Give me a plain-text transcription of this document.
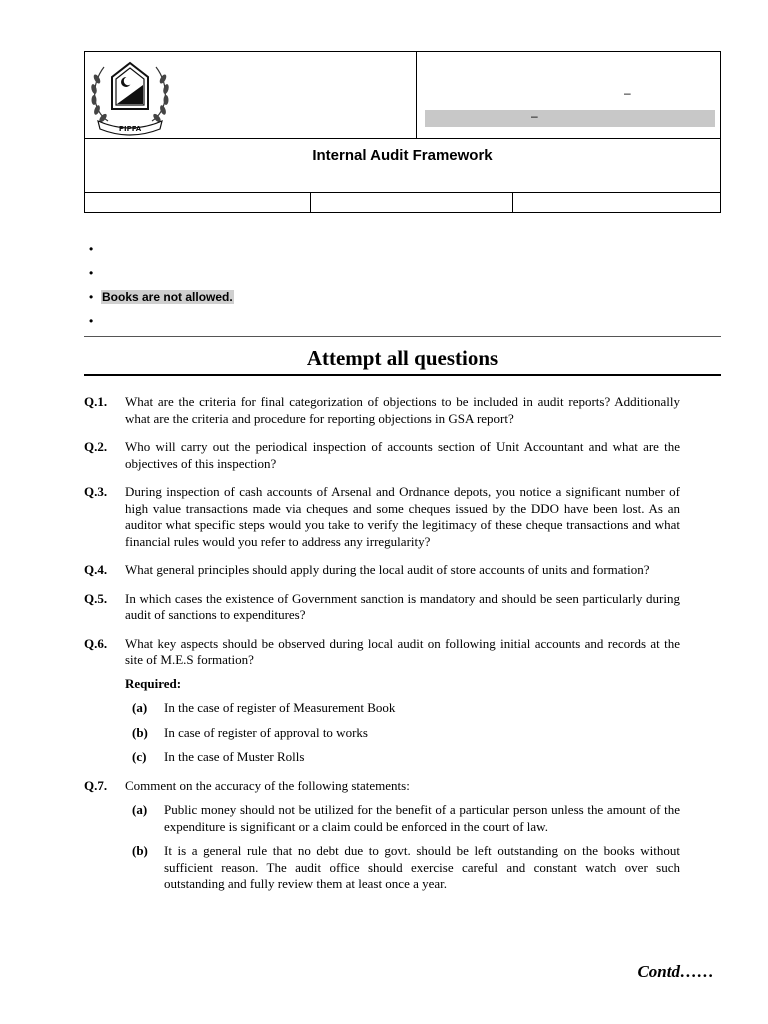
PIPFA
–
–
Internal Audit Framework
•
•
• Books are not allowed.
•
Attempt all questions
Q.1. What are the criteria for final categorization of objections to be included in audit reports? Additionally what are the criteria and procedure for reporting objections in GSA report?
Q.2. Who will carry out the periodical inspection of accounts section of Unit Accountant and what are the objectives of this inspection?
Q.3. During inspection of cash accounts of Arsenal and Ordnance depots, you notice a significant number of high value transactions made via cheques and some cheques issued by the DDO have been lost. As an auditor what specific steps would you take to verify the legitimacy of these cheque transactions and what financial rules would you refer to address any irregularity?
Q.4. What general principles should apply during the local audit of store accounts of units and formation?
Q.5. In which cases the existence of Government sanction is mandatory and should be seen particularly during audit of sanctions to expenditures?
Q.6. What key aspects should be observed during local audit on following initial accounts and records at the site of M.E.S formation?
Required:
(a) In the case of register of Measurement Book
(b) In case of register of approval to works
(c) In the case of Muster Rolls
Q.7. Comment on the accuracy of the following statements:
(a) Public money should not be utilized for the benefit of a particular person unless the amount of the expenditure is significant or a claim could be enforced in the court of law.
(b) It is a general rule that no debt due to govt. should be left outstanding on the books without sufficient reason. The audit office should exercise careful and constant watch over such outstanding and fully review them at least once a year.
Contd……
